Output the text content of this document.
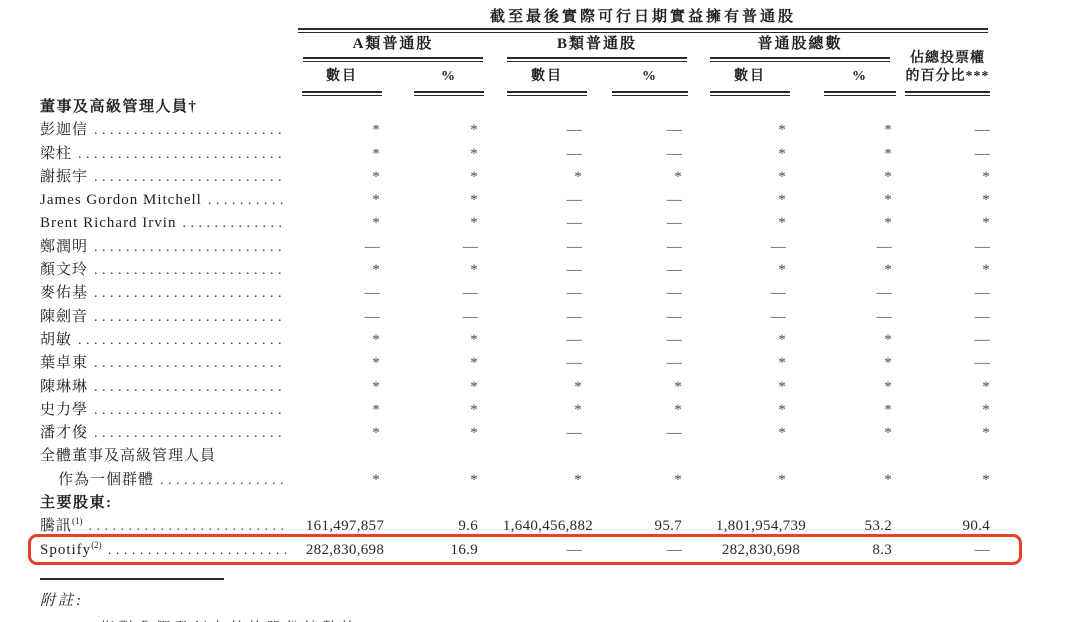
截至最後實際可行日期實益擁有普通股
A類普通股	B類普通股	普通股總數
佔總投票權
的百分比***
數目	%	數目	%	數目	%
董事及高級管理人員†
彭迦信 .....	*	*	—	—	*	*	—
梁柱 .....	*	*	—	—	*	*	—
謝振宇 .....	*	*	*	*	*	*	*
James Gordon Mitchell .....	*	*	—	—	*	*	*
Brent Richard Irvin .....	*	*	—	—	*	*	*
鄭潤明 .....	—	—	—	—	—	—	—
顏文玲 .....	*	*	—	—	*	*	*
麥佑基 .....	—	—	—	—	—	—	—
陳劍音 .....	—	—	—	—	—	—	—
胡敏 .....	*	*	—	—	*	*	—
葉卓東 .....	*	*	—	—	*	*	—
陳琳琳 .....	*	*	*	*	*	*	*
史力學 .....	*	*	*	*	*	*	*
潘才俊 .....	*	*	—	—	*	*	*
全體董事及高級管理人員
作為一個群體 .....	*	*	*	*	*	*	*
主要股東:
騰訊$^{(1)}$ .....	161,497,857	9.6	1,640,456,882	95.7	1,801,954,739	53.2	90.4
Spotify$^{(2)}$ .....	282,830,698	16.9	—	—	282,830,698	8.3	—
附註:
